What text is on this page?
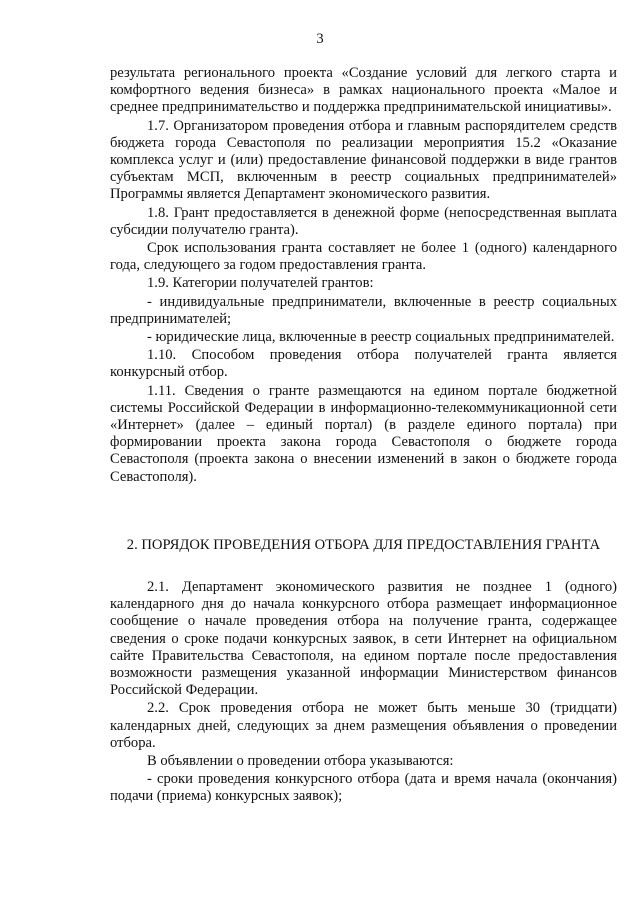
3

результата регионального проекта «Создание условий для легкого старта и комфортного ведения бизнеса» в рамках национального проекта «Малое и среднее предпринимательство и поддержка предпринимательской инициативы».

1.7. Организатором проведения отбора и главным распорядителем средств бюджета города Севастополя по реализации мероприятия 15.2 «Оказание комплекса услуг и (или) предоставление финансовой поддержки в виде грантов субъектам МСП, включенным в реестр социальных предпринимателей» Программы является Департамент экономического развития.

1.8. Грант предоставляется в денежной форме (непосредственная выплата субсидии получателю гранта).

Срок использования гранта составляет не более 1 (одного) календарного года, следующего за годом предоставления гранта.

1.9. Категории получателей грантов:

- индивидуальные предприниматели, включенные в реестр социальных предпринимателей;

- юридические лица, включенные в реестр социальных предпринимателей.

1.10. Способом проведения отбора получателей гранта является конкурсный отбор.

1.11. Сведения о гранте размещаются на едином портале бюджетной системы Российской Федерации в информационно-телекоммуникационной сети «Интернет» (далее – единый портал) (в разделе единого портала) при формировании проекта закона города Севастополя о бюджете города Севастополя (проекта закона о внесении изменений в закон о бюджете города Севастополя).

2. ПОРЯДОК ПРОВЕДЕНИЯ ОТБОРА ДЛЯ ПРЕДОСТАВЛЕНИЯ ГРАНТА

2.1. Департамент экономического развития не позднее 1 (одного) календарного дня до начала конкурсного отбора размещает информационное сообщение о начале проведения отбора на получение гранта, содержащее сведения о сроке подачи конкурсных заявок, в сети Интернет на официальном сайте Правительства Севастополя, на едином портале после предоставления возможности размещения указанной информации Министерством финансов Российской Федерации.

2.2. Срок проведения отбора не может быть меньше 30 (тридцати) календарных дней, следующих за днем размещения объявления о проведении отбора.

В объявлении о проведении отбора указываются:

- сроки проведения конкурсного отбора (дата и время начала (окончания) подачи (приема) конкурсных заявок);
